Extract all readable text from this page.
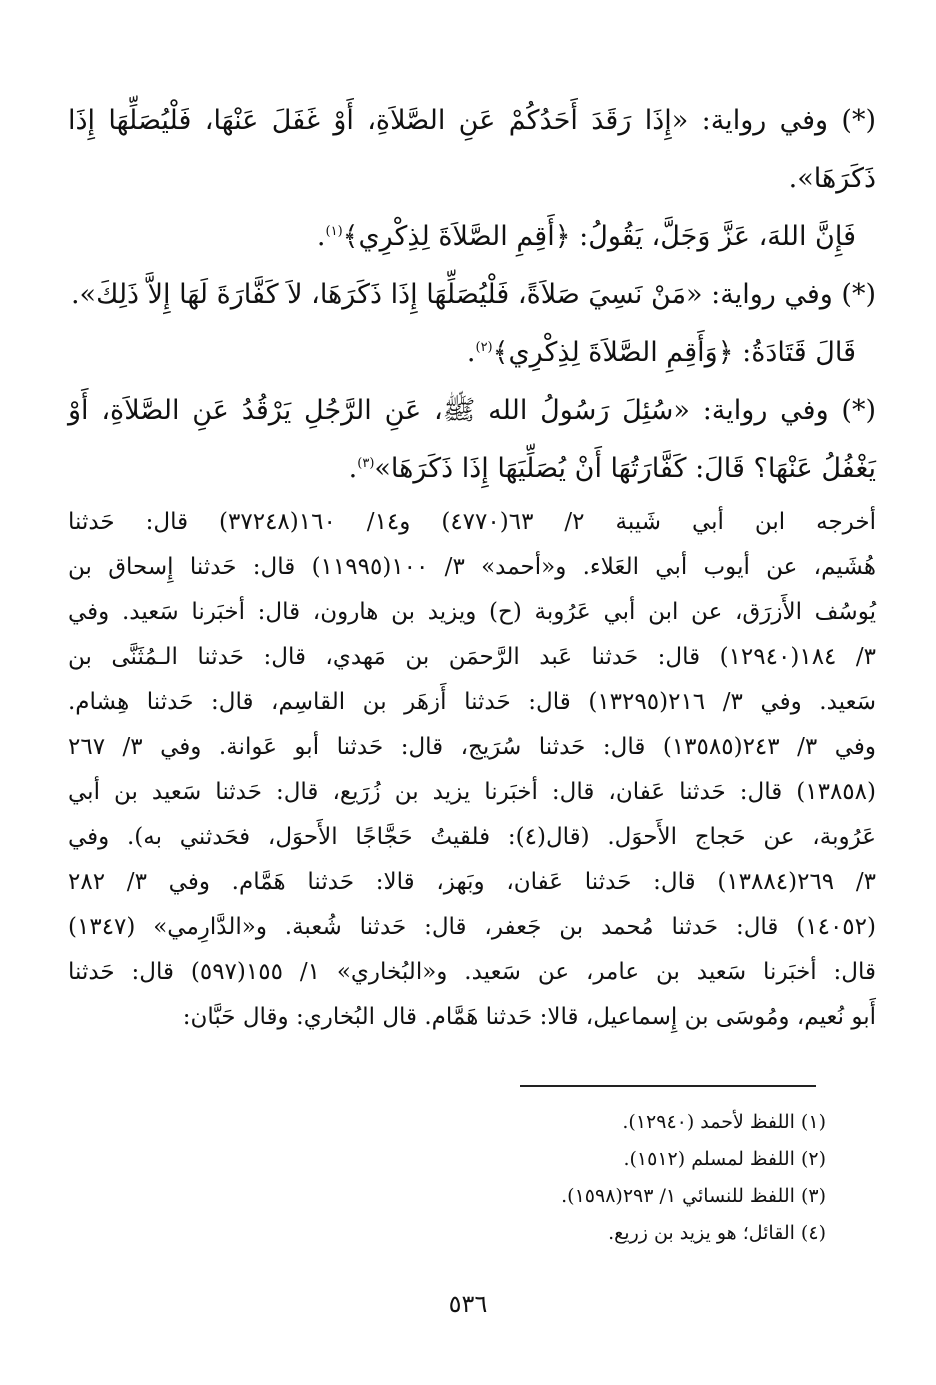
(*) وفي رواية: «إِذَا رَقَدَ أَحَدُكُمْ عَنِ الصَّلاَةِ، أَوْ غَفَلَ عَنْهَا، فَلْيُصَلِّهَا إِذَا ذَكَرَهَا».

فَإِنَّ اللهَ، عَزَّ وَجَلَّ، يَقُولُ: ﴿أَقِمِ الصَّلاَةَ لِذِكْرِي﴾$^{(١)}$.

(*) وفي رواية: «مَنْ نَسِيَ صَلاَةً، فَلْيُصَلِّهَا إِذَا ذَكَرَهَا، لاَ كَفَّارَةَ لَهَا إِلاَّ ذَلِكَ».

قَالَ قَتَادَةُ: ﴿وَأَقِمِ الصَّلاَةَ لِذِكْرِي﴾$^{(٢)}$.

(*) وفي رواية: «سُئِلَ رَسُولُ الله ﷺ، عَنِ الرَّجُلِ يَرْقُدُ عَنِ الصَّلاَةِ، أَوْ يَغْفُلُ عَنْهَا؟ قَالَ: كَفَّارَتُهَا أَنْ يُصَلِّيَهَا إِذَا ذَكَرَهَا»$^{(٣)}$.

أخرجه ابن أبي شَيبة ٢/ ٦٣(٤٧٧٠) و١٤/ ١٦٠(٣٧٢٤٨) قال: حَدثنا

هُشَيم، عن أيوب أبي العَلاء. و«أحمد» ٣/ ١٠٠(١١٩٩٥) قال: حَدثنا إِسحاق بن

يُوسُف الأَزرَق، عن ابن أبي عَرُوبة (ح) ويزيد بن هارون، قال: أخبَرنا سَعيد. وفي

٣/ ١٨٤(١٢٩٤٠) قال: حَدثنا عَبد الرَّحمَن بن مَهدي، قال: حَدثنا الـمُثَنَّى بن

سَعيد. وفي ٣/ ٢١٦(١٣٢٩٥) قال: حَدثنا أَزهَر بن القاسِم، قال: حَدثنا هِشام.

وفي ٣/ ٢٤٣(١٣٥٨٥) قال: حَدثنا سُرَيج، قال: حَدثنا أبو عَوانة. وفي ٣/ ٢٦٧

(١٣٨٥٨) قال: حَدثنا عَفان، قال: أخبَرنا يزيد بن زُرَيع، قال: حَدثنا سَعيد بن أبي

عَرُوبة، عن حَجاج الأَحوَل. (قال(٤): فلقيتُ حَجَّاجًا الأَحوَل، فحَدثني به). وفي

٣/ ٢٦٩(١٣٨٨٤) قال: حَدثنا عَفان، وبَهز، قالا: حَدثنا هَمَّام. وفي ٣/ ٢٨٢

(١٤٠٥٢) قال: حَدثنا مُحمد بن جَعفر، قال: حَدثنا شُعبة. و«الدَّارِمي» (١٣٤٧)

قال: أخبَرنا سَعيد بن عامر، عن سَعيد. و«البُخاري» ١/ ١٥٥(٥٩٧) قال: حَدثنا

أَبو نُعيم، ومُوسَى بن إِسماعيل، قالا: حَدثنا هَمَّام. قال البُخاري: وقال حَبَّان:

(١) اللفظ لأحمد (١٢٩٤٠).

(٢) اللفظ لمسلم (١٥١٢).

(٣) اللفظ للنسائي ١/ ٢٩٣(١٥٩٨).

(٤) القائل؛ هو يزيد بن زريع.

٥٣٦
